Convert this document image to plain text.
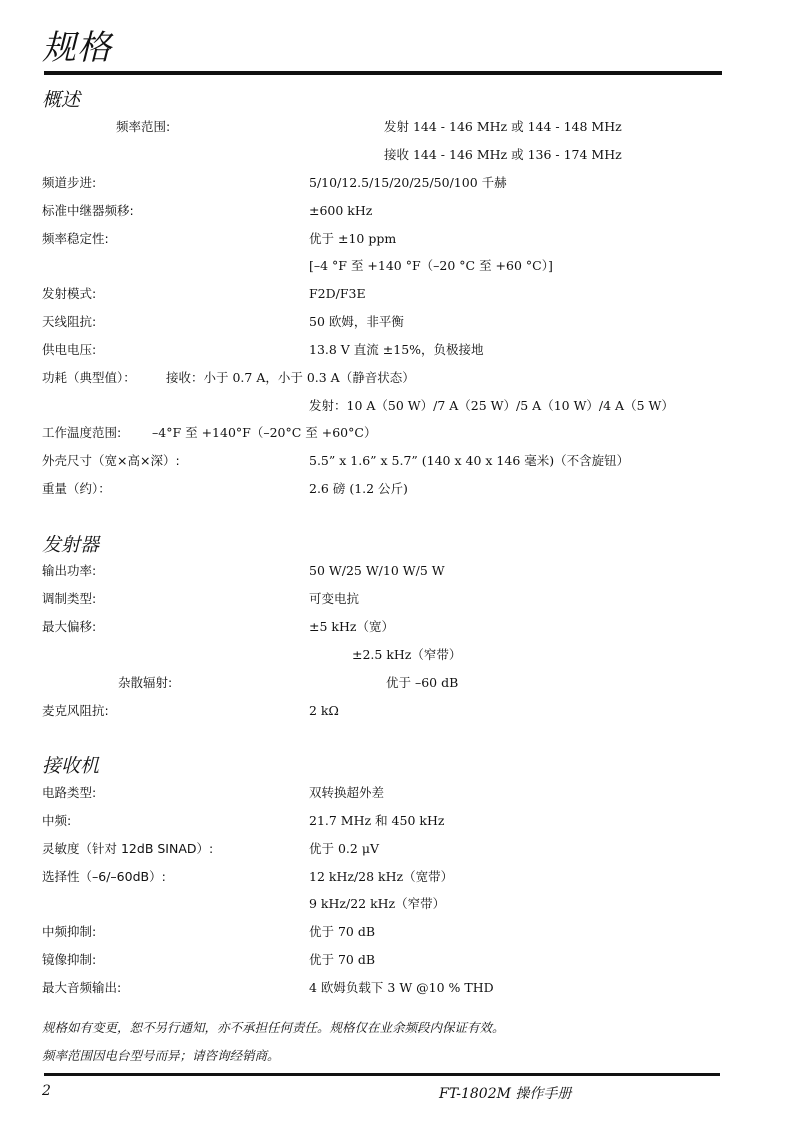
规格
概述
频率范围:	发射 144 - 146 MHz 或 144 - 148 MHz
接收 144 - 146 MHz 或 136 - 174 MHz
频道步进:	5/10/12.5/15/20/25/50/100 千赫
标准中继器频移:	±600 kHz
频率稳定性:	优于 ±10 ppm
[–4 °F 至 +140 °F（–20 °C 至 +60 °C）]
发射模式:	F2D/F3E
天线阻抗:	50 欧姆，非平衡
供电电压:	13.8 V 直流 ±15%，负极接地
功耗（典型值）： 接收：小于 0.7 A，小于 0.3 A（静音状态）
发射：10 A（50 W）/7 A（25 W）/5 A（10 W）/4 A（5 W）
工作温度范围: –4°F 至 +140°F（–20°C 至 +60°C）
外壳尺寸（宽×高×深）:	5.5” x 1.6” x 5.7” (140 x 40 x 146 毫米)（不含旋钮）
重量（约）：	2.6 磅 (1.2 公斤)
发射器
输出功率:	50 W/25 W/10 W/5 W
调制类型:	可变电抗
最大偏移:	±5 kHz（宽）
±2.5 kHz（窄带）
杂散辐射:	优于 –60 dB
麦克风阻抗:	2 kΩ
接收机
电路类型:	双转换超外差
中频:	21.7 MHz 和 450 kHz
灵敏度（针对 12dB SINAD）:	优于 0.2 μV
选择性（–6/–60dB）:	12 kHz/28 kHz（宽带）
9 kHz/22 kHz（窄带）
中频抑制:	优于 70 dB
镜像抑制:	优于 70 dB
最大音频输出:	4 欧姆负载下 3 W @10 % THD
规格如有变更，恕不另行通知，亦不承担任何责任。规格仅在业余频段内保证有效。
频率范围因电台型号而异；请咨询经销商。
2	FT-1802M 操作手册
